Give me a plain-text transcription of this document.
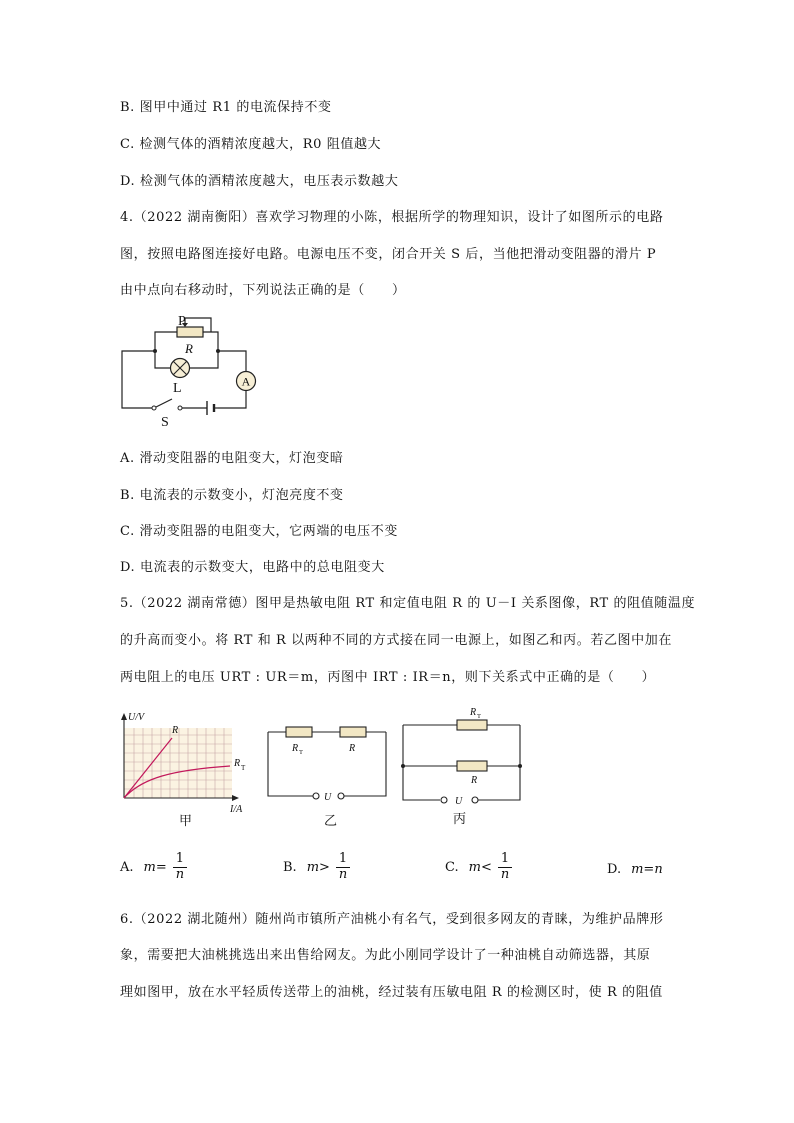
B. 图甲中通过 R1 的电流保持不变
C. 检测气体的酒精浓度越大，R0 阻值越大
D. 检测气体的酒精浓度越大，电压表示数越大
4.（2022 湖南衡阳）喜欢学习物理的小陈，根据所学的物理知识，设计了如图所示的电路
图，按照电路图连接好电路。电源电压不变，闭合开关 S 后，当他把滑动变阻器的滑片 P
由中点向右移动时，下列说法正确的是（　　）
A
P
R
L
S
A. 滑动变阻器的电阻变大，灯泡变暗
B. 电流表的示数变小，灯泡亮度不变
C. 滑动变阻器的电阻变大，它两端的电压不变
D. 电流表的示数变大，电路中的总电阻变大
5.（2022 湖南常德）图甲是热敏电阻 RT 和定值电阻 R 的 U－I 关系图像，RT 的阻值随温度
的升高而变小。将 RT 和 R 以两种不同的方式接在同一电源上，如图乙和丙。若乙图中加在
两电阻上的电压 URT : UR＝m，丙图中 IRT : IR＝n，则下关系式中正确的是（　　）
U/V
I/A
R
R T
甲
R T	R
U
乙
R T
R
U
丙
A. $m = \frac{1}{n}$	B. $m > \frac{1}{n}$	C. $m < \frac{1}{n}$	D. m = n
6.（2022 湖北随州）随州尚市镇所产油桃小有名气，受到很多网友的青睐，为维护品牌形
象，需要把大油桃挑选出来出售给网友。为此小刚同学设计了一种油桃自动筛选器，其原
理如图甲，放在水平轻质传送带上的油桃，经过装有压敏电阻 R 的检测区时，使 R 的阻值
